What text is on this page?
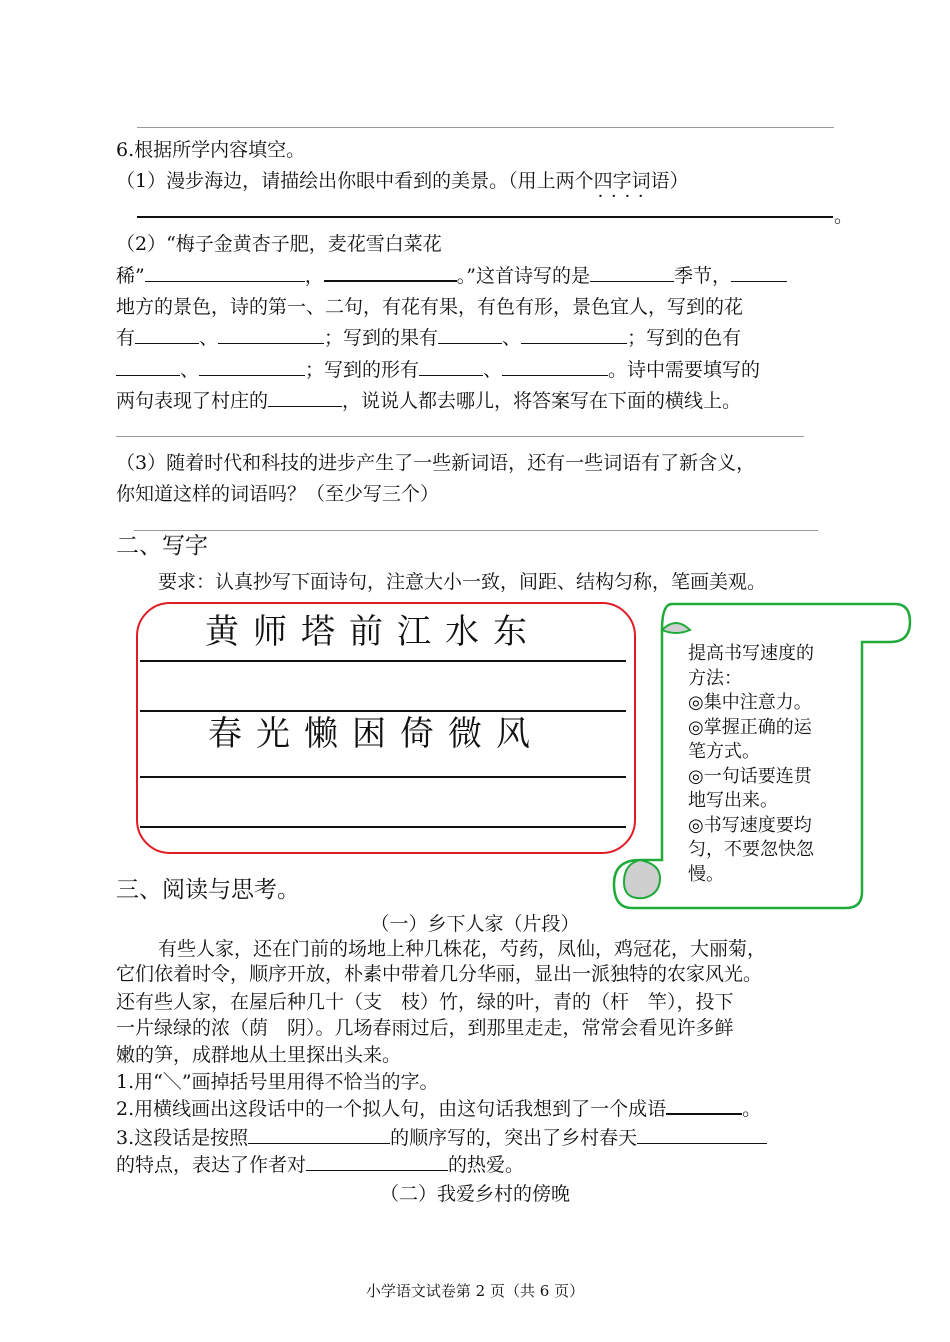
6.根据所学内容填空。
（1）漫步海边，请描绘出你眼中看到的美景。（用上两个四字词语 · ·）
。
（2）“梅子金黄杏子肥，麦花雪白菜花
稀”	，	。”这首诗写的是	季节，
地方的景色，诗的第一、二句，有花有果，有色有形，景色宜人，写到的花
有	、	；写到的果有	、	；写到的色有
、	；写到的形有	、	。诗中需要填写的
两句表现了村庄的	，说说人都去哪儿，将答案写在下面的横线上。
（3）随着时代和科技的进步产生了一些新词语，还有一些词语有了新含义，
你知道这样的词语吗？（至少写三个）
二、写字
要求：认真抄写下面诗句，注意大小一致，间距、结构匀称，笔画美观。
黄师塔前江水东
春光懒困倚微风
提高书写速度的
方法：
◎集中注意力。
◎掌握正确的运
笔方式。
◎一句话要连贯
地写出来。
◎书写速度要均
匀，不要忽快忽
慢。
三、阅读与思考。
（一）乡下人家（片段）
有些人家，还在门前的场地上种几株花，芍药，凤仙，鸡冠花，大丽菊，
它们依着时令，顺序开放，朴素中带着几分华丽，显出一派独特的农家风光。
还有些人家，在屋后种几十（支　枝）竹，绿的叶，青的（杆　竿），投下
一片绿绿的浓（荫　阴）。几场春雨过后，到那里走走，常常会看见许多鲜
嫩的笋，成群地从土里探出头来。
1.用“＼”画掉括号里用得不恰当的字。
2.用横线画出这段话中的一个拟人句，由这句话我想到了一个成语	。
3.这段话是按照	的顺序写的，突出了乡村春天
的特点，表达了作者对	的热爱。
（二）我爱乡村的傍晚
小学语文试卷第 2 页（共 6 页）
